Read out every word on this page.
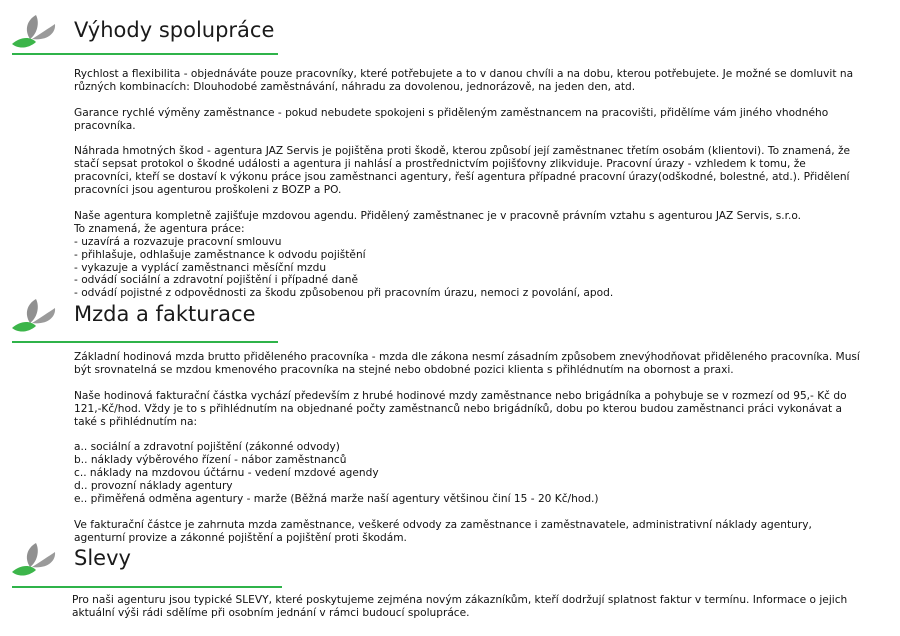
Výhody spolupráce

Rychlost a flexibilita - objednáváte pouze pracovníky, které potřebujete a to v danou chvíli a na dobu, kterou potřebujete. Je možné se domluvit na různých kombinacích: Dlouhodobé zaměstnávání, náhradu za dovolenou, jednorázově, na jeden den, atd.

Garance rychlé výměny zaměstnance - pokud nebudete spokojeni s přiděleným zaměstnancem na pracovišti, přidělíme vám jiného vhodného pracovníka.

Náhrada hmotných škod - agentura JAZ Servis je pojištěna proti škodě, kterou způsobí její zaměstnanec třetím osobám (klientovi). To znamená, že stačí sepsat protokol o škodné události a agentura ji nahlásí a prostřednictvím pojišťovny zlikviduje. Pracovní úrazy - vzhledem k tomu, že pracovníci, kteří se dostaví k výkonu práce jsou zaměstnanci agentury, řeší agentura případné pracovní úrazy(odškodné, bolestné, atd.). Přidělení pracovníci jsou agenturou proškoleni z BOZP a PO.

Naše agentura kompletně zajišťuje mzdovou agendu. Přidělený zaměstnanec je v pracovně právním vztahu s agenturou JAZ Servis, s.r.o.

To znamená, že agentura práce:

- uzavírá a rozvazuje pracovní smlouvu

- přihlašuje, odhlašuje zaměstnance k odvodu pojištění

- vykazuje a vyplácí zaměstnanci měsíční mzdu

- odvádí sociální a zdravotní pojištění i případné daně

- odvádí pojistné z odpovědnosti za škodu způsobenou při pracovním úrazu, nemoci z povolání, apod.

Mzda a fakturace

Základní hodinová mzda brutto přiděleného pracovníka - mzda dle zákona nesmí zásadním způsobem znevýhodňovat přiděleného pracovníka. Musí být srovnatelná se mzdou kmenového pracovníka na stejné nebo obdobné pozici klienta s přihlédnutím na obornost a praxi.

Naše hodinová fakturační částka vychází především z hrubé hodinové mzdy zaměstnance nebo brigádníka a pohybuje se v rozmezí od 95,- Kč do 121,-Kč/hod. Vždy je to s přihlédnutím na objednané počty zaměstnanců nebo brigádníků, dobu po kterou budou zaměstnanci práci vykonávat a také s přihlédnutím na:

a.. sociální a zdravotní pojištění (zákonné odvody)

b.. náklady výběrového řízení - nábor zaměstnanců

c.. náklady na mzdovou účtárnu - vedení mzdové agendy

d.. provozní náklady agentury

e.. přiměřená odměna agentury - marže (Běžná marže naší agentury většinou činí 15 - 20 Kč/hod.)

Ve fakturační částce je zahrnuta mzda zaměstnance, veškeré odvody za zaměstnance i zaměstnavatele, administrativní náklady agentury, agenturní provize a zákonné pojištění a pojištění proti škodám.

Slevy

Pro naši agenturu jsou typické SLEVY, které poskytujeme zejména novým zákazníkům, kteří dodržují splatnost faktur v termínu. Informace o jejich aktuální výši rádi sdělíme při osobním jednání v rámci budoucí spolupráce.
